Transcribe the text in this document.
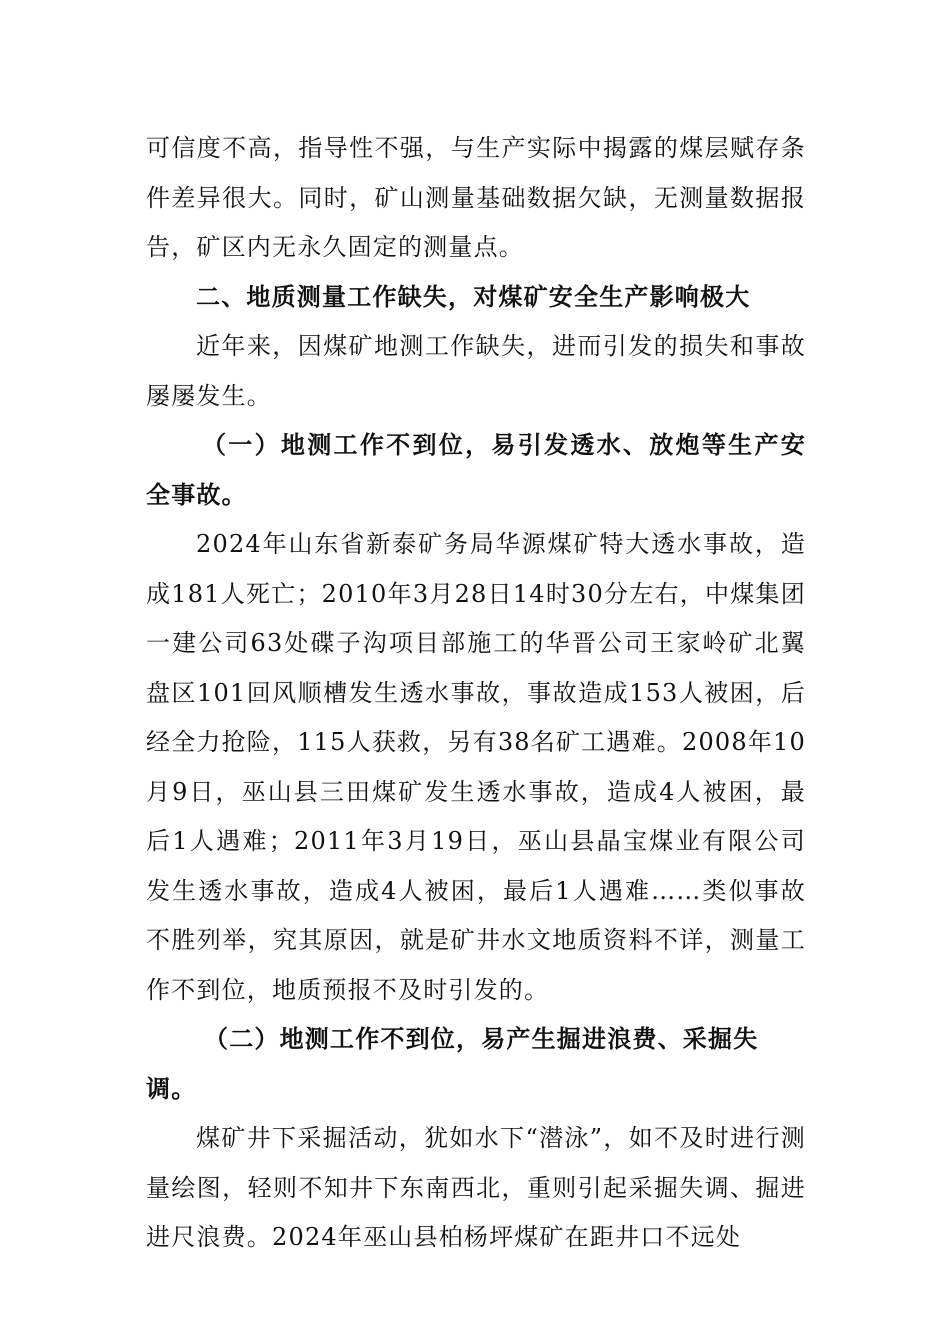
可信度不高，指导性不强，与生产实际中揭露的煤层赋存条件差异很大。同时，矿山测量基础数据欠缺，无测量数据报告，矿区内无永久固定的测量点。

二、地质测量工作缺失，对煤矿安全生产影响极大

近年来，因煤矿地测工作缺失，进而引发的损失和事故屡屡发生。

（一）地测工作不到位，易引发透水、放炮等生产安全事故。

2024年山东省新泰矿务局华源煤矿特大透水事故，造成181人死亡；2010年3月28日14时30分左右，中煤集团一建公司63处碟子沟项目部施工的华晋公司王家岭矿北翼盘区101回风顺槽发生透水事故，事故造成153人被困，后经全力抢险，115人获救，另有38名矿工遇难。2008年10月9日，巫山县三田煤矿发生透水事故，造成4人被困，最后1人遇难；2011年3月19日，巫山县晶宝煤业有限公司发生透水事故，造成4人被困，最后1人遇难……类似事故不胜列举，究其原因，就是矿井水文地质资料不详，测量工作不到位，地质预报不及时引发的。

（二）地测工作不到位，易产生掘进浪费、采掘失调。

煤矿井下采掘活动，犹如水下“潜泳”，如不及时进行测量绘图，轻则不知井下东南西北，重则引起采掘失调、掘进进尺浪费。2024年巫山县柏杨坪煤矿在距井口不远处
